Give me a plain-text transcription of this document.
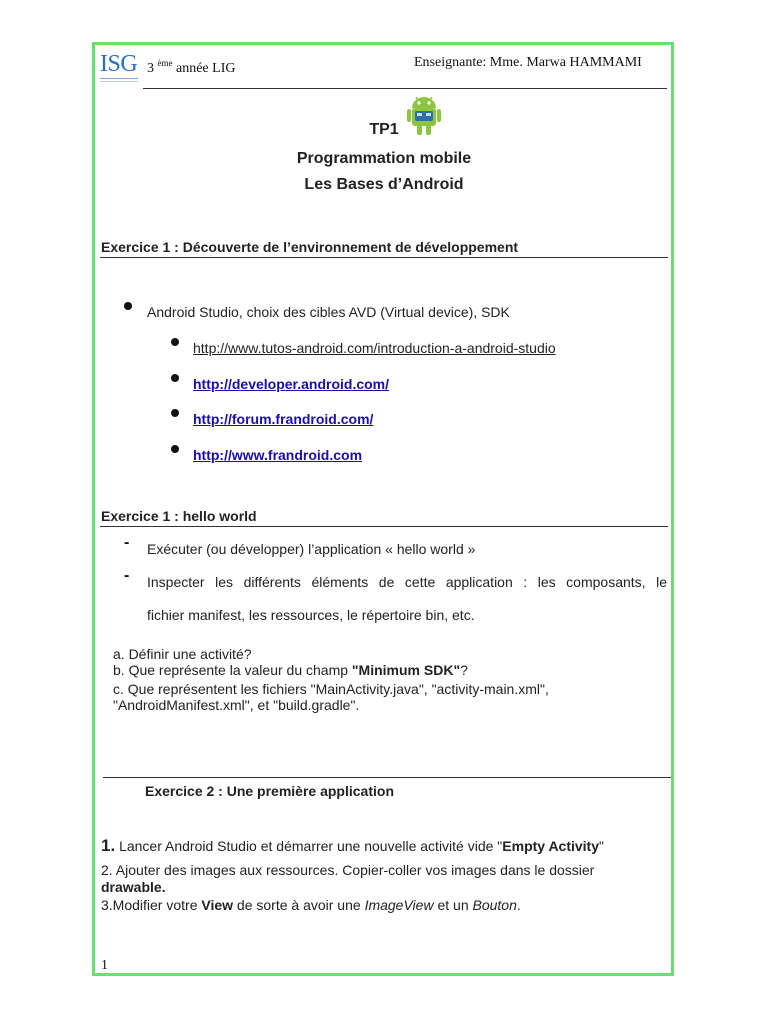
ISG 3 $^{ème}$ année LIG	Enseignante: Mme. Marwa HAMMAMI
TP1
Programmation mobile
Les Bases d’Android
Exercice 1 : Découverte de l’environnement de développement
Android Studio, choix des cibles AVD (Virtual device), SDK
http://www.tutos-android.com/introduction-a-android-studio
http://developer.android.com/
http://forum.frandroid.com/
http://www.frandroid.com
Exercice 1 : hello world
- Exécuter (ou développer) l’application « hello world »
- Inspecter les différents éléments de cette application : les composants, le
fichier manifest, les ressources, le répertoire bin, etc.
a. Définir une activité?
b. Que représente la valeur du champ "Minimum SDK"?
c. Que représentent les fichiers "MainActivity.java", "activity-main.xml",
"AndroidManifest.xml", et "build.gradle".
Exercice 2 : Une première application
1. Lancer Android Studio et démarrer une nouvelle activité vide "Empty Activity"
2. Ajouter des images aux ressources. Copier-coller vos images dans le dossier
drawable.
3.Modifier votre View de sorte à avoir une ImageView et un Bouton.
1
